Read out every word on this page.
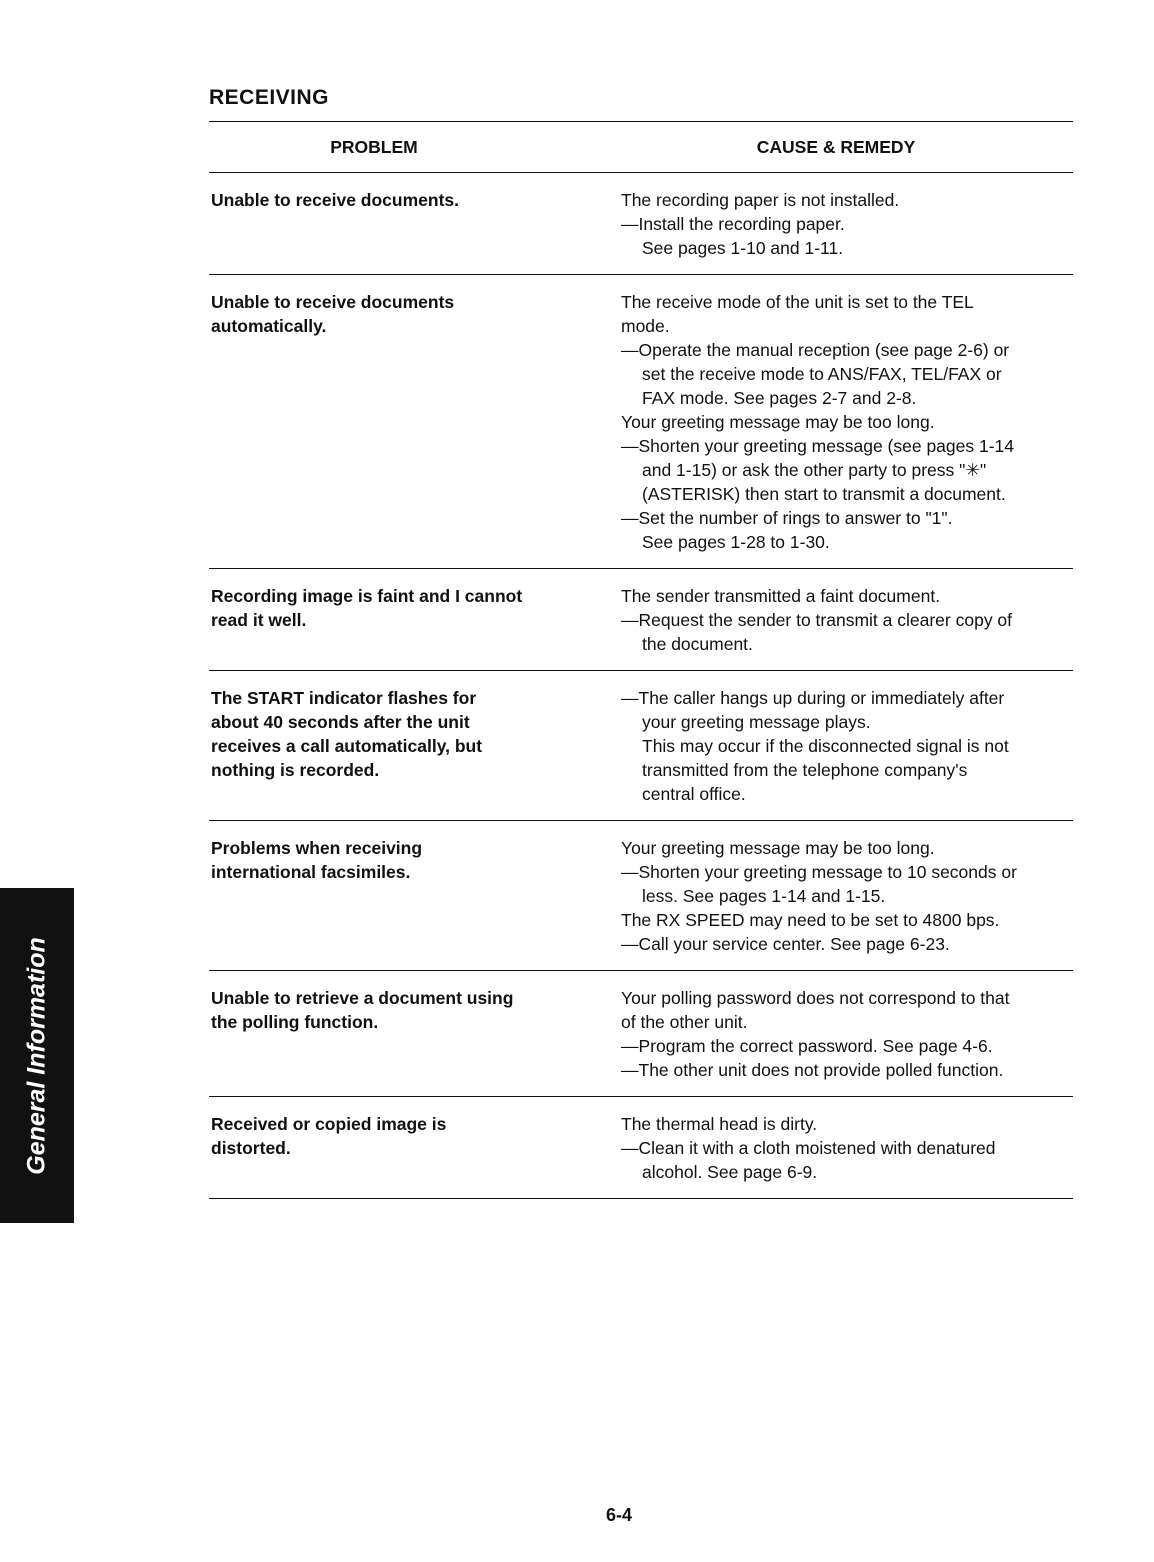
RECEIVING
PROBLEM	CAUSE & REMEDY
Unable to receive documents.	The recording paper is not installed.
—Install the recording paper.
See pages 1-10 and 1-11.
Unable to receive documents
automatically.
The receive mode of the unit is set to the TEL
mode.
—Operate the manual reception (see page 2-6) or
set the receive mode to ANS/FAX, TEL/FAX or
FAX mode. See pages 2-7 and 2-8.
Your greeting message may be too long.
—Shorten your greeting message (see pages 1-14
and 1-15) or ask the other party to press "✳"
(ASTERISK) then start to transmit a document.
—Set the number of rings to answer to "1".
See pages 1-28 to 1-30.
Recording image is faint and I cannot
read it well.
The sender transmitted a faint document.
—Request the sender to transmit a clearer copy of
the document.
The START indicator flashes for
about 40 seconds after the unit
receives a call automatically, but
nothing is recorded.
—The caller hangs up during or immediately after
your greeting message plays.
This may occur if the disconnected signal is not
transmitted from the telephone company's
central office.
Problems when receiving
international facsimiles.
Your greeting message may be too long.
—Shorten your greeting message to 10 seconds or
less. See pages 1-14 and 1-15.
The RX SPEED may need to be set to 4800 bps.
—Call your service center. See page 6-23.
Unable to retrieve a document using
the polling function.
Your polling password does not correspond to that
of the other unit.
—Program the correct password. See page 4-6.
—The other unit does not provide polled function.
Received or copied image is
distorted.
The thermal head is dirty.
—Clean it with a cloth moistened with denatured
alcohol. See page 6-9.
General Information
6-4
